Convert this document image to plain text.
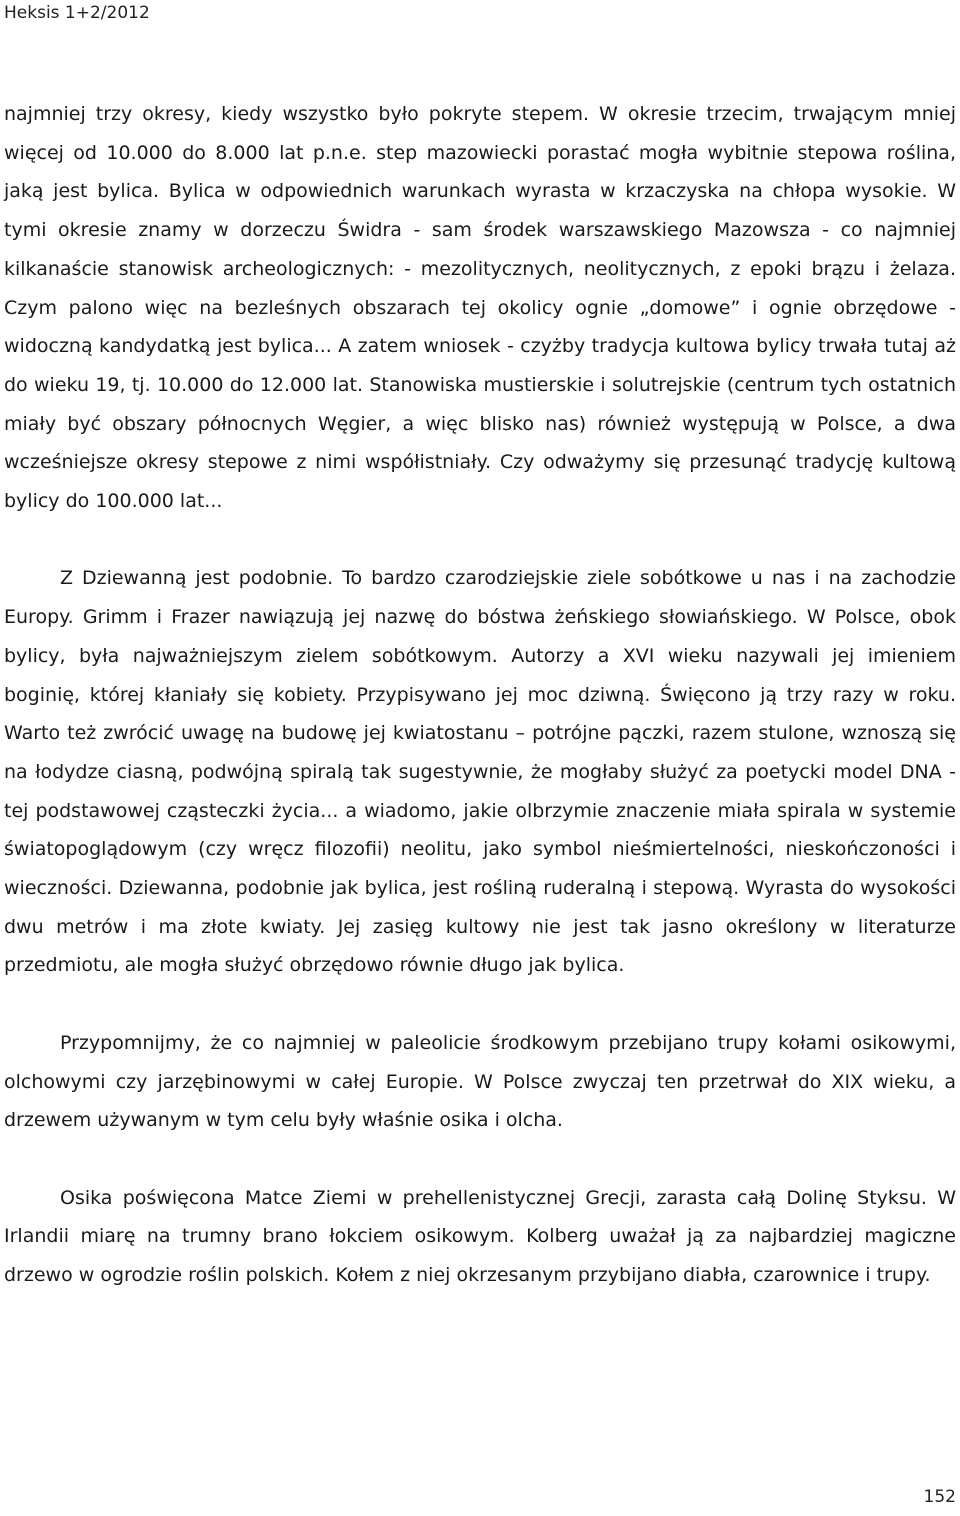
Heksis 1+2/2012

najmniej trzy okresy, kiedy wszystko było pokryte stepem. W okresie trzecim, trwającym mniej więcej od 10.000 do 8.000 lat p.n.e. step mazowiecki porastać mogła wybitnie stepowa roślina, jaką jest bylica. Bylica w odpowiednich warunkach wyrasta w krzaczyska na chłopa wysokie. W tymi okresie znamy w dorzeczu Świdra - sam środek warszawskiego Mazowsza - co najmniej kilkanaście stanowisk archeologicznych: - mezolitycznych, neolitycznych, z epoki brązu i żelaza. Czym palono więc na bezleśnych obszarach tej okolicy ognie „domowe” i ognie obrzędowe - widoczną kandydatką jest bylica... A zatem wniosek - czyżby tradycja kultowa bylicy trwała tutaj aż do wieku 19, tj. 10.000 do 12.000 lat. Stanowiska mustierskie i solutrejskie (centrum tych ostatnich miały być obszary północnych Węgier, a więc blisko nas) również występują w Polsce, a dwa wcześniejsze okresy stepowe z nimi współistniały. Czy odważymy się przesunąć tradycję kultową bylicy do 100.000 lat...

Z Dziewanną jest podobnie. To bardzo czarodziejskie ziele sobótkowe u nas i na zachodzie Europy. Grimm i Frazer nawiązują jej nazwę do bóstwa żeńskiego słowiańskiego. W Polsce, obok bylicy, była najważniejszym zielem sobótkowym. Autorzy a XVI wieku nazywali jej imieniem boginię, której kłaniały się kobiety. Przypisywano jej moc dziwną. Święcono ją trzy razy w roku. Warto też zwrócić uwagę na budowę jej kwiatostanu – potrójne pączki, razem stulone, wznoszą się na łodydze ciasną, podwójną spiralą tak sugestywnie, że mogłaby służyć za poetycki model DNA - tej podstawowej cząsteczki życia... a wiadomo, jakie olbrzymie znaczenie miała spirala w systemie światopoglądowym (czy wręcz filozofii) neolitu, jako symbol nieśmiertelności, nieskończoności i wieczności. Dziewanna, podobnie jak bylica, jest rośliną ruderalną i stepową. Wyrasta do wysokości dwu metrów i ma złote kwiaty. Jej zasięg kultowy nie jest tak jasno określony w literaturze przedmiotu, ale mogła służyć obrzędowo równie długo jak bylica.

Przypomnijmy, że co najmniej w paleolicie środkowym przebijano trupy kołami osikowymi, olchowymi czy jarzębinowymi w całej Europie. W Polsce zwyczaj ten przetrwał do XIX wieku, a drzewem używanym w tym celu były właśnie osika i olcha.

Osika poświęcona Matce Ziemi w prehellenistycznej Grecji, zarasta całą Dolinę Styksu. W Irlandii miarę na trumny brano łokciem osikowym. Kolberg uważał ją za najbardziej magiczne drzewo w ogrodzie roślin polskich. Kołem z niej okrzesanym przybijano diabła, czarownice i trupy.

152
